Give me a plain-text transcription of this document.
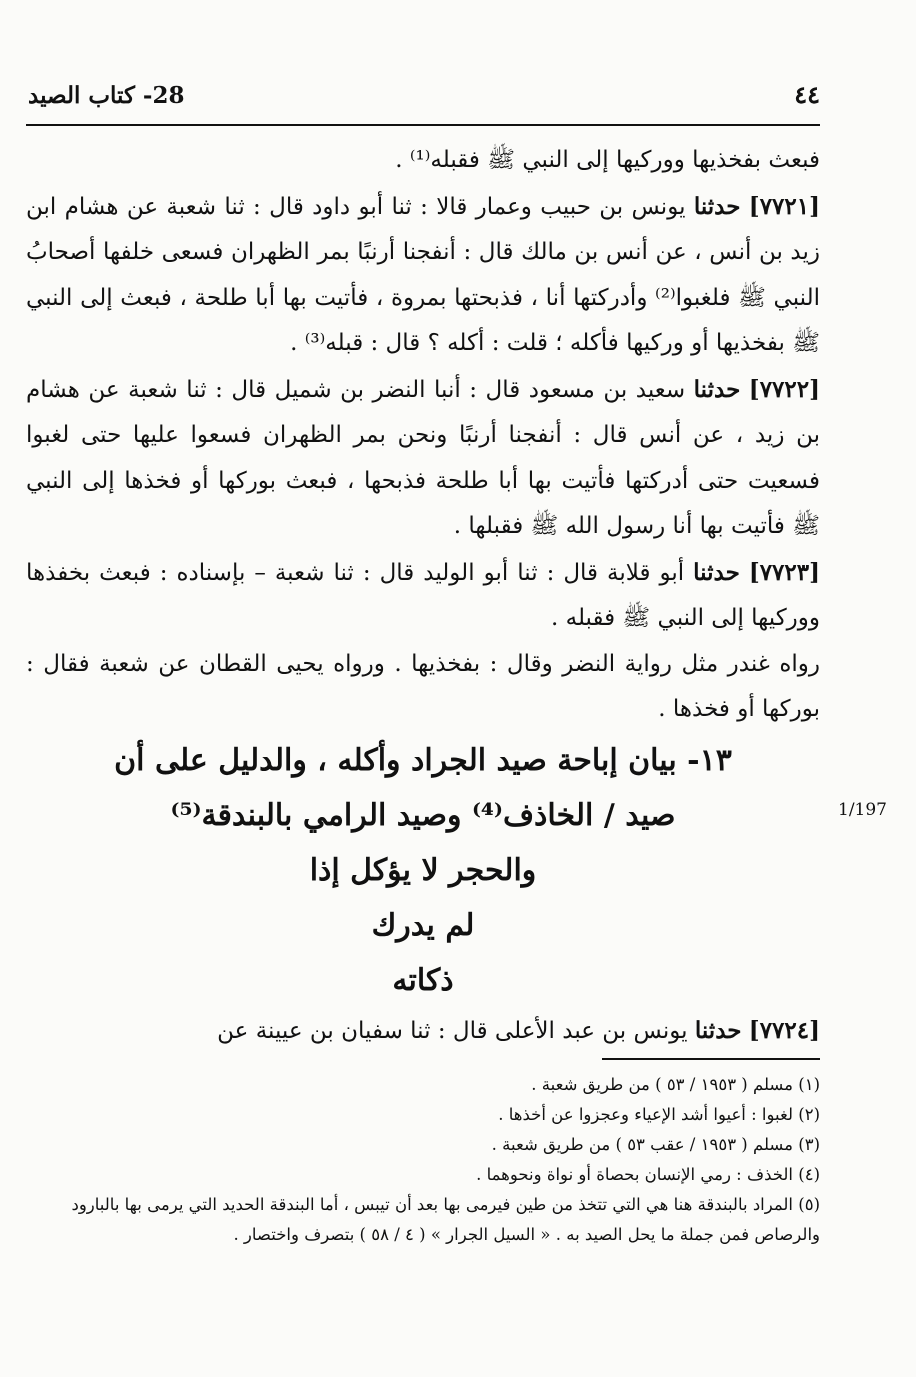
٤٤
28- كتاب الصيد
1/197

فبعث بفخذيها ووركيها إلى النبي ﷺ فقبله⁽¹⁾ .

[٧٧٢١] حدثنا يونس بن حبيب وعمار قالا : ثنا أبو داود قال : ثنا شعبة عن هشام ابن زيد بن أنس ، عن أنس بن مالك قال : أنفجنا أرنبًا بمر الظهران فسعى خلفها أصحابُ النبي ﷺ فلغبوا⁽²⁾ وأدركتها أنا ، فذبحتها بمروة ، فأتيت بها أبا طلحة ، فبعث إلى النبي ﷺ بفخذيها أو وركيها فأكله ؛ قلت : أكله ؟ قال : قبله⁽³⁾ .

[٧٧٢٢] حدثنا سعيد بن مسعود قال : أنبا النضر بن شميل قال : ثنا شعبة عن هشام بن زيد ، عن أنس قال : أنفجنا أرنبًا ونحن بمر الظهران فسعوا عليها حتى لغبوا فسعيت حتى أدركتها فأتيت بها أبا طلحة فذبحها ، فبعث بوركها أو فخذها إلى النبي ﷺ فأتيت بها أنا رسول الله ﷺ فقبلها .

[٧٧٢٣] حدثنا أبو قلابة قال : ثنا أبو الوليد قال : ثنا شعبة – بإسناده : فبعث بخفذها ووركيها إلى النبي ﷺ فقبله .

رواه غندر مثل رواية النضر وقال : بفخذيها . ورواه يحيى القطان عن شعبة فقال : بوركها أو فخذها .

١٣- بيان إباحة صيد الجراد وأكله ، والدليل على أن

صيد / الخاذف⁽⁴⁾ وصيد الرامي بالبندقة⁽⁵⁾

والحجر لا يؤكل إذا

لم يدرك

ذكاته

[٧٧٢٤] حدثنا يونس بن عبد الأعلى قال : ثنا سفيان بن عيينة عن

(١) مسلم ( ١٩٥٣ / ٥٣ ) من طريق شعبة .

(٢) لغبوا : أعيوا أشد الإعياء وعجزوا عن أخذها .

(٣) مسلم ( ١٩٥٣ / عقب ٥٣ ) من طريق شعبة .

(٤) الخذف : رمي الإنسان بحصاة أو نواة ونحوهما .

(٥) المراد بالبندقة هنا هي التي تتخذ من طين فيرمى بها بعد أن تيبس ، أما البندقة الحديد التي يرمى بها بالبارود والرصاص فمن جملة ما يحل الصيد به . « السيل الجرار » ( ٤ / ٥٨ ) بتصرف واختصار .
